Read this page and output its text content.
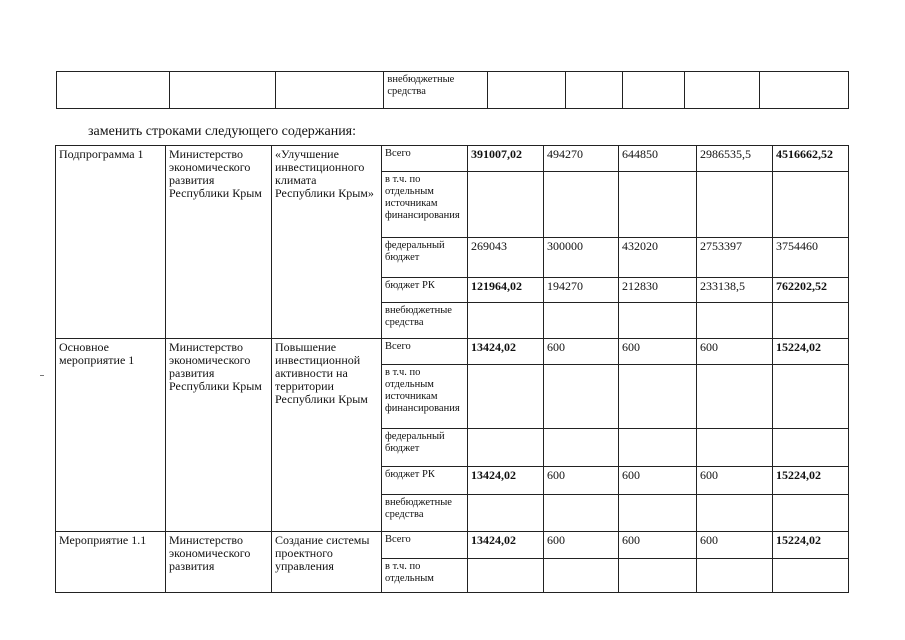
			внебюджетные средства					
заменить строками следующего содержания:
Подпрограмма 1	Министерство экономического развития Республики Крым	«Улучшение инвестиционного климата Республики Крым»	Всего	391007,02	494270	644850	2986535,5	4516662,52
			в т.ч. по отдельным источникам финансирования					
			федеральный бюджет	269043	300000	432020	2753397	3754460
			бюджет РК	121964,02	194270	212830	233138,5	762202,52
			внебюджетные средства					
Основное мероприятие 1	Министерство экономического развития Республики Крым	Повышение инвестиционной активности на территории Республики Крым	Всего	13424,02	600	600	600	15224,02
			в т.ч. по отдельным источникам финансирования					
			федеральный бюджет					
			бюджет РК	13424,02	600	600	600	15224,02
			внебюджетные средства					
Мероприятие 1.1	Министерство экономического развития	Создание системы проектного управления	Всего	13424,02	600	600	600	15224,02
			в т.ч. по отдельным					
